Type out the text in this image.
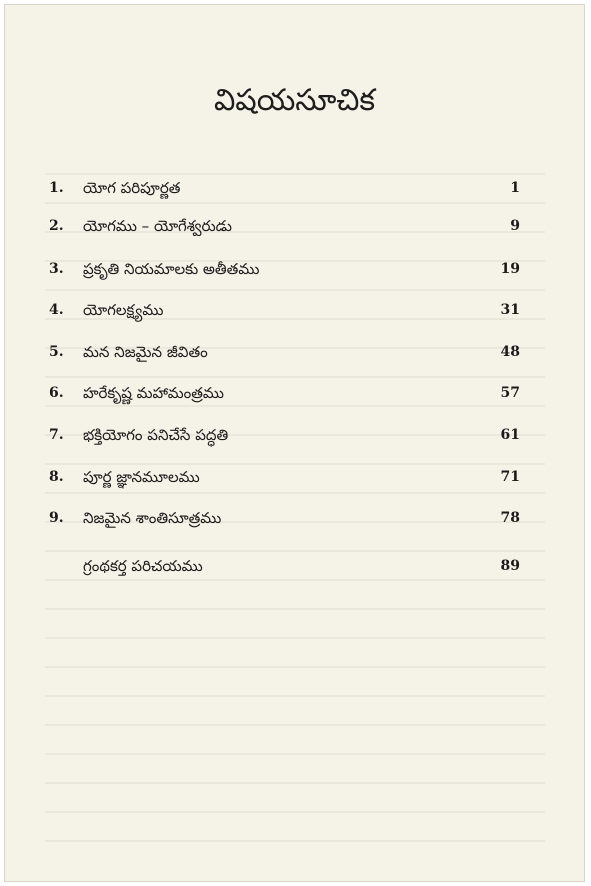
విషయసూచిక
1. యోగ పరిపూర్ణత	1
2. యోగము – యోగేశ్వరుడు	9
3. ప్రకృతి నియమాలకు అతీతము	19
4. యోగలక్ష్యము	31
5. మన నిజమైన జీవితం	48
6. హరేకృష్ణ మహామంత్రము	57
7. భక్తియోగం పనిచేసే పద్ధతి	61
8. పూర్ణ జ్ఞానమూలము	71
9. నిజమైన శాంతిసూత్రము	78
గ్రంథకర్త పరిచయము	89
